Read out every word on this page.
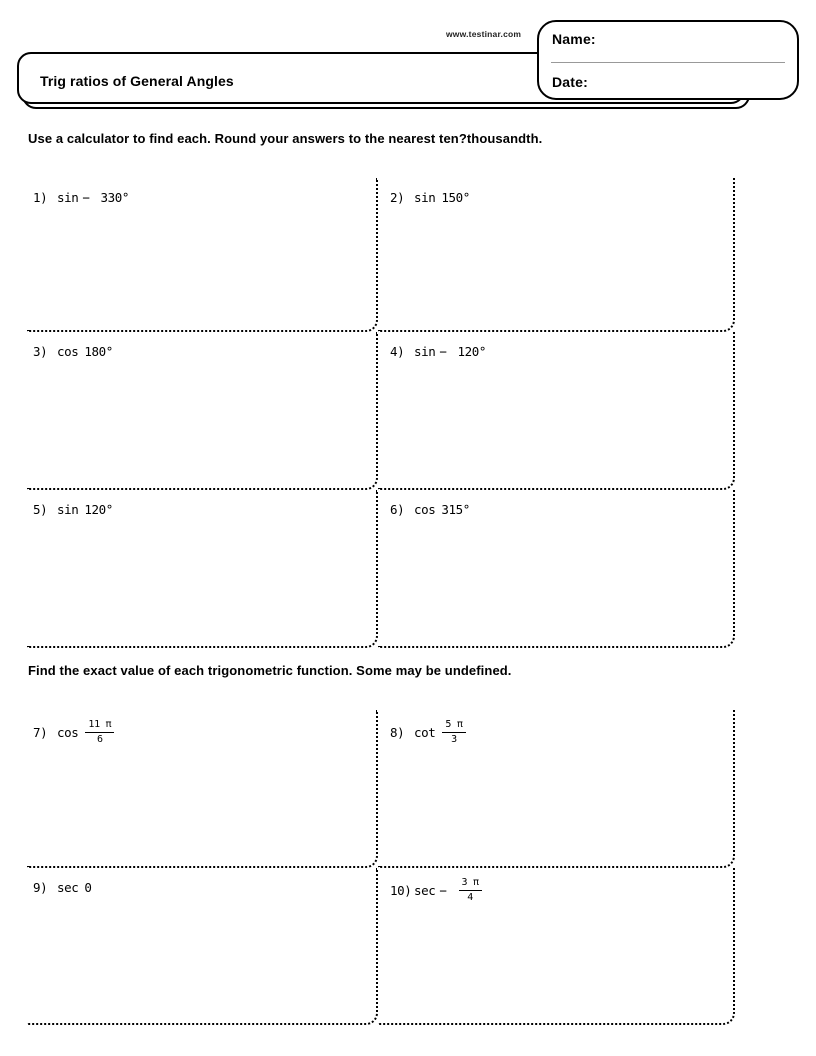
www.testinar.com
Trig ratios of General Angles
Name:
Date:
Use a calculator to find each. Round your answers to the nearest ten?thousandth.
1) sin − 330°	2) sin 150°
3) cos 180°	4) sin − 120°
5) sin 120°	6) cos 315°
Find the exact value of each trigonometric function. Some may be undefined.
7) $\cos \frac{11 \pi}{6}$	8) $\cot \frac{5 \pi}{3}$
9) sec 0	10) $\sec - \frac{3 \pi}{4}$
